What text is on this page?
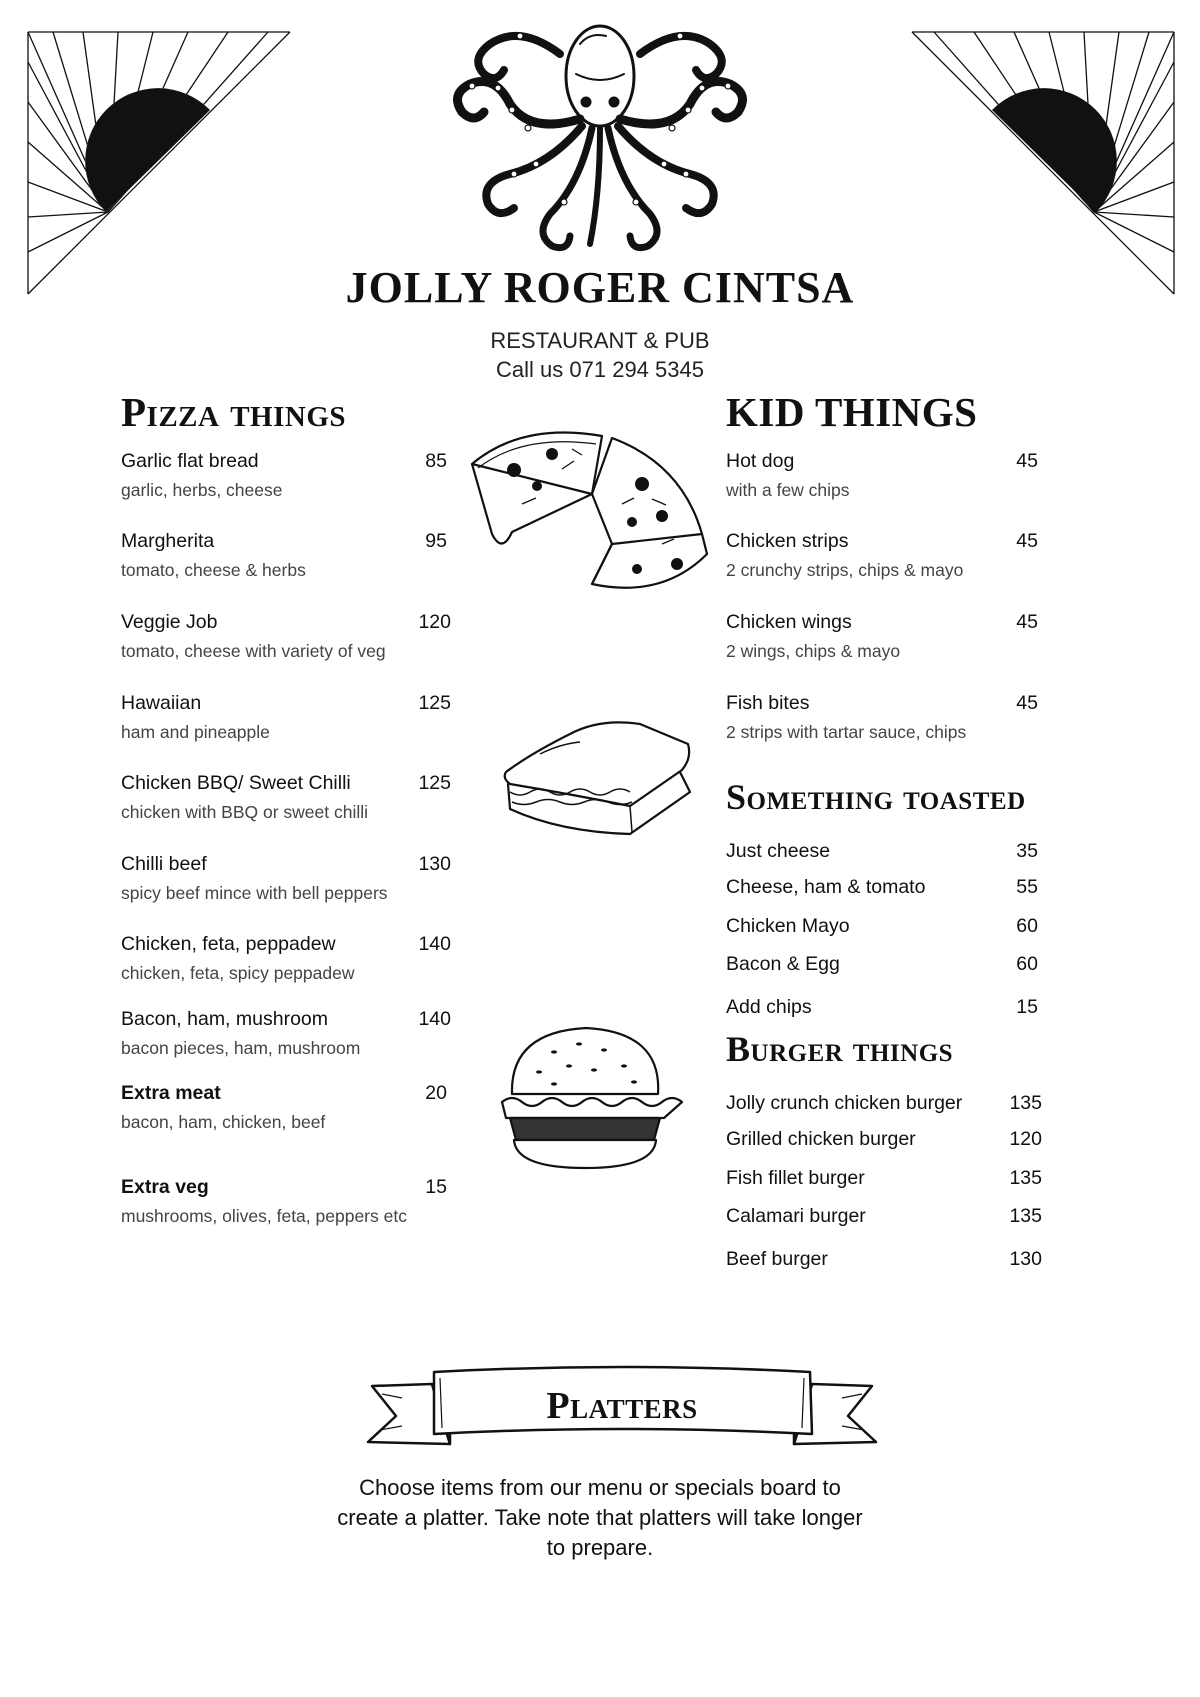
JOLLY ROGER CINTSA
RESTAURANT & PUB
Call us 071 294 5345
Pizza things
Garlic flat bread	85
garlic, herbs, cheese
Margherita	95
tomato, cheese & herbs
Veggie Job	120
tomato, cheese with variety of veg
Hawaiian	125
ham and pineapple
Chicken BBQ/ Sweet Chilli	125
chicken with BBQ or sweet chilli
Chilli beef	130
spicy beef mince with bell peppers
Chicken, feta, peppadew	140
chicken, feta, spicy peppadew
Bacon, ham, mushroom	140
bacon pieces, ham, mushroom
Extra meat	20
bacon, ham, chicken, beef
Extra veg	15
mushrooms, olives, feta, peppers etc
KID THINGS
Hot dog	45
with a few chips
Chicken strips	45
2 crunchy strips, chips & mayo
Chicken wings	45
2 wings, chips & mayo
Fish bites	45
2 strips with tartar sauce, chips
Something toasted
Just cheese	35
Cheese, ham & tomato	55
Chicken Mayo	60
Bacon & Egg	60
Add chips	15
Burger things
Jolly crunch chicken burger 135
Grilled chicken burger	120
Fish fillet burger	135
Calamari burger	135
Beef burger	130
Platters
Choose items from our menu or specials board to create a platter. Take note that platters will take longer to prepare.
